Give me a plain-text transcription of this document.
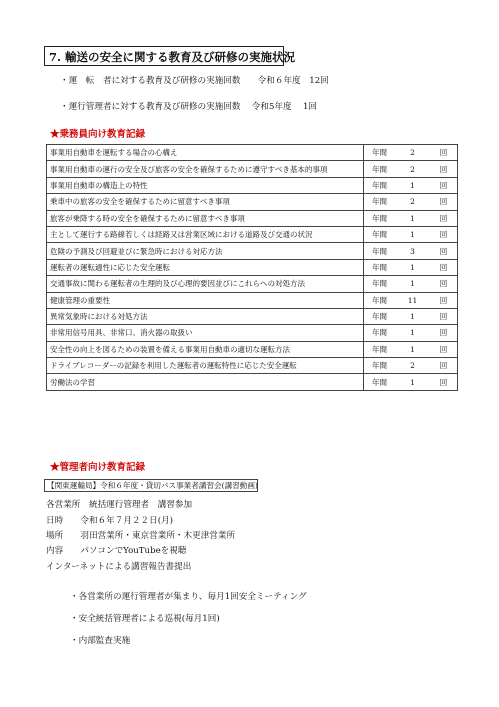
7. 輸送の安全に関する教育及び研修の実施状況
・運　転　者に対する教育及び研修の実施回数　　令和６年度　12回
・運行管理者に対する教育及び研修の実施回数　 令和5年度　 1回
★乗務員向け教育記録
事業用自動車を運転する場合の心構え	年間	2	回
事業用自動車の運行の安全及び旅客の安全を確保するために遵守すべき基本的事項	年間	2	回
事業用自動車の構造上の特性	年間	1	回
乗車中の旅客の安全を確保するために留意すべき事項	年間	2	回
旅客が乗降する時の安全を確保するために留意すべき事項	年間	1	回
主として運行する路線若しくは経路又は営業区域における道路及び交通の状況	年間	1	回
危険の予測及び回避並びに緊急時における対応方法	年間	3	回
運転者の運転適性に応じた安全運転	年間	1	回
交通事故に関わる運転者の生理的及び心理的要因並びにこれらへの対処方法	年間	1	回
健康管理の重要性	年間	11	回
異常気象時における対処方法	年間	1	回
非常用信号用具、非常口、消火器の取扱い	年間	1	回
安全性の向上を図るための装置を備える事業用自動車の適切な運転方法	年間	1	回
ドライブレコーダーの記録を利用した運転者の運転特性に応じた安全運転	年間	2	回
労働法の学習	年間	1	回
★管理者向け教育記録
【関東運輸局】令和６年度・貸切バス事業者講習会(講習動画)
各営業所　統括運行管理者　講習参加
日時　　令和６年７月２２日(月)
場所　　羽田営業所・東京営業所・木更津営業所
内容　　パソコンでYouTubeを視聴
インターネットによる講習報告書提出
・各営業所の運行管理者が集まり、毎月1回安全ミーティング
・安全統括管理者による巡視(毎月1回)
・内部監査実施
